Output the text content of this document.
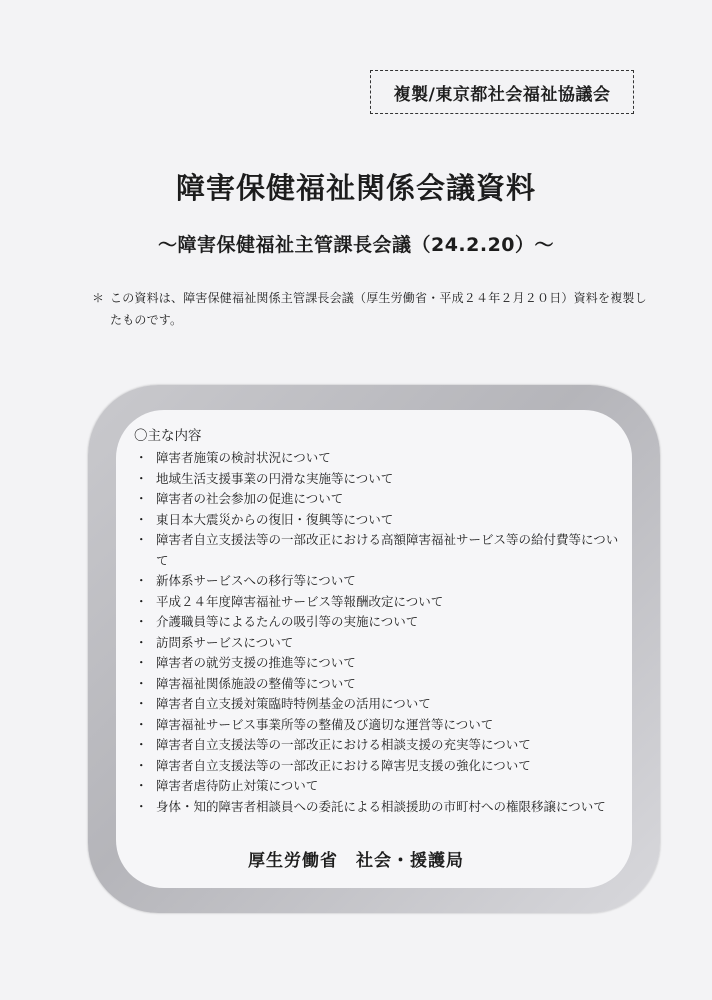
複製/東京都社会福祉協議会
障害保健福祉関係会議資料
～障害保健福祉主管課長会議（24.2.20）～
＊ この資料は、障害保健福祉関係主管課長会議（厚生労働省・平成２４年２月２０日）資料を複製したものです。
〇主な内容
・ 障害者施策の検討状況について
・ 地域生活支援事業の円滑な実施等について
・ 障害者の社会参加の促進について
・ 東日本大震災からの復旧・復興等について
・ 障害者自立支援法等の一部改正における高額障害福祉サービス等の給付費等について
・ 新体系サービスへの移行等について
・ 平成２４年度障害福祉サービス等報酬改定について
・ 介護職員等によるたんの吸引等の実施について
・ 訪問系サービスについて
・ 障害者の就労支援の推進等について
・ 障害福祉関係施設の整備等について
・ 障害者自立支援対策臨時特例基金の活用について
・ 障害福祉サービス事業所等の整備及び適切な運営等について
・ 障害者自立支援法等の一部改正における相談支援の充実等について
・ 障害者自立支援法等の一部改正における障害児支援の強化について
・ 障害者虐待防止対策について
・ 身体・知的障害者相談員への委託による相談援助の市町村への権限移譲について
厚生労働省　社会・援護局
